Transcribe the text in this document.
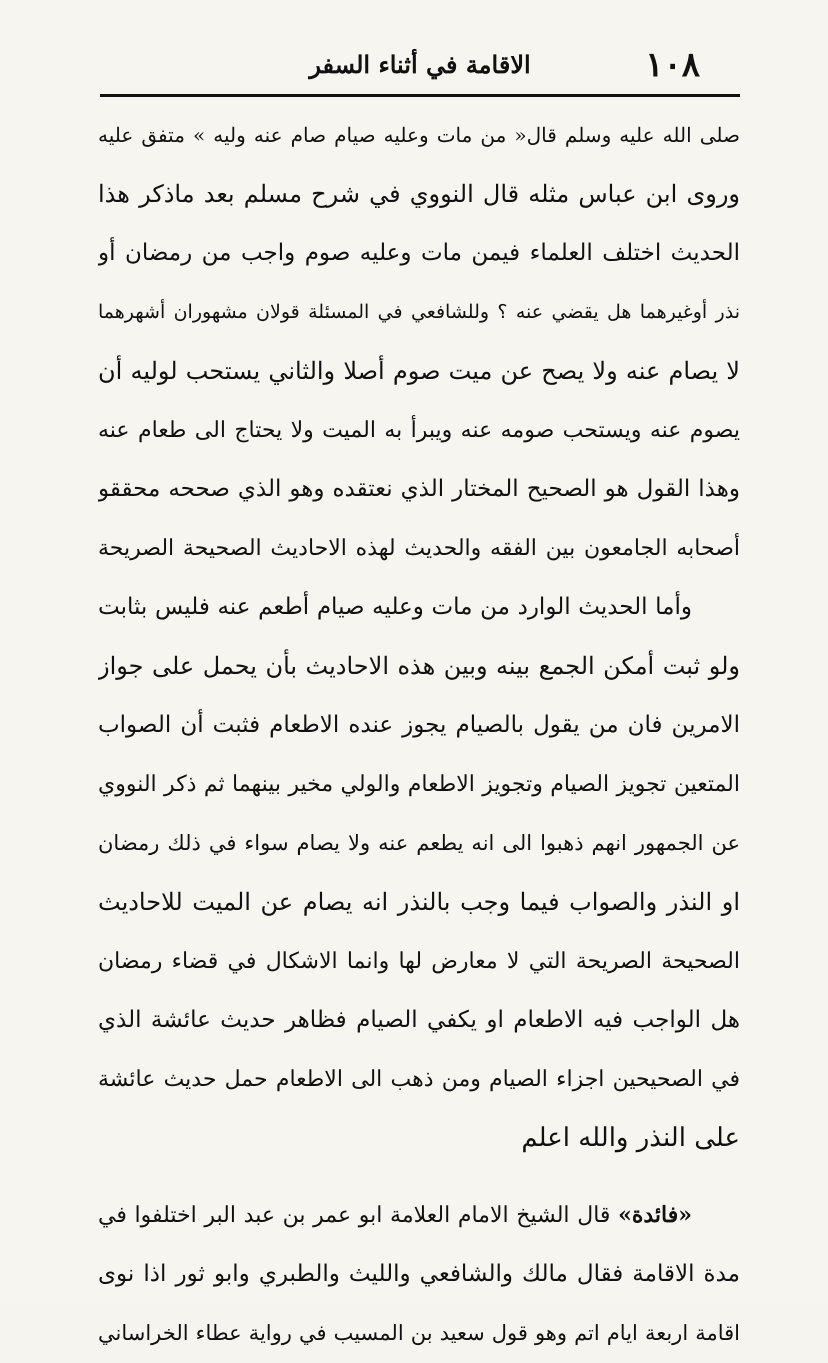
١٠٨
الاقامة في أثناء السفر
صلى الله عليه وسلم قال« من مات وعليه صيام صام عنه وليه » متفق عليه
وروى ابن عباس مثله قال النووي في شرح مسلم بعد ماذكر هذا
الحديث اختلف العلماء فيمن مات وعليه صوم واجب من رمضان أو
نذر أوغيرهما هل يقضي عنه ؟ وللشافعي في المسئلة قولان مشهوران أشهرهما
لا يصام عنه ولا يصح عن ميت صوم أصلا والثاني يستحب لوليه أن
يصوم عنه ويستحب صومه عنه ويبرأ به الميت ولا يحتاج الى طعام عنه
وهذا القول هو الصحيح المختار الذي نعتقده وهو الذي صححه محققو
أصحابه الجامعون بين الفقه والحديث لهذه الاحاديث الصحيحة الصريحة
وأما الحديث الوارد من مات وعليه صيام أطعم عنه فليس بثابت
ولو ثبت أمكن الجمع بينه وبين هذه الاحاديث بأن يحمل على جواز
الامرين فان من يقول بالصيام يجوز عنده الاطعام فثبت أن الصواب
المتعين تجويز الصيام وتجويز الاطعام والولي مخير بينهما ثم ذكر النووي
عن الجمهور انهم ذهبوا الى انه يطعم عنه ولا يصام سواء في ذلك رمضان
او النذر والصواب فيما وجب بالنذر انه يصام عن الميت للاحاديث
الصحيحة الصريحة التي لا معارض لها وانما الاشكال في قضاء رمضان
هل الواجب فيه الاطعام او يكفي الصيام فظاهر حديث عائشة الذي
في الصحيحين اجزاء الصيام ومن ذهب الى الاطعام حمل حديث عائشة
على النذر والله اعلم
«فائدة» قال الشيخ الامام العلامة ابو عمر بن عبد البر اختلفوا في
مدة الاقامة فقال مالك والشافعي والليث والطبري وابو ثور اذا نوى
اقامة اربعة ايام اتم وهو قول سعيد بن المسيب في رواية عطاء الخراساني
